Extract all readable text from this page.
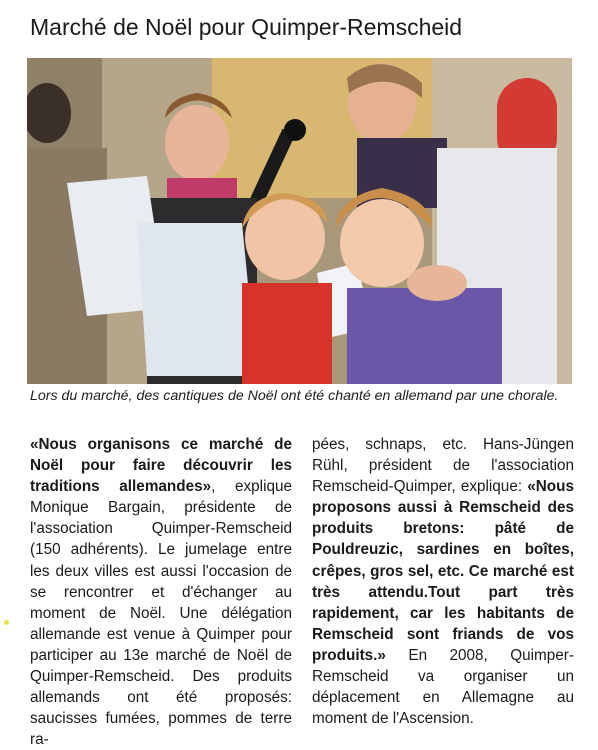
Marché de Noël pour Quimper-Remscheid
Lors du marché, des cantiques de Noël ont été chanté en allemand par une chorale.
«Nous organisons ce marché de Noël pour faire découvrir les traditions allemandes», explique Monique Bargain, présidente de l'association Quimper-Remscheid (150 adhérents). Le jumelage entre les deux villes est aussi l'occasion de se rencontrer et d'échanger au moment de Noël. Une délégation allemande est venue à Quimper pour participer au 13e marché de Noël de Quimper-Remscheid. Des produits allemands ont été proposés: saucisses fumées, pommes de terre ra-
pées, schnaps, etc. Hans-Jüngen Rühl, président de l'association Remscheid-Quimper, explique: «Nous proposons aussi à Remscheid des produits bretons: pâté de Pouldreuzic, sardines en boîtes, crêpes, gros sel, etc. Ce marché est très attendu.Tout part très rapidement, car les habitants de Remscheid sont friands de vos produits.» En 2008, Quimper-Remscheid va organiser un déplacement en Allemagne au moment de l'Ascension.
